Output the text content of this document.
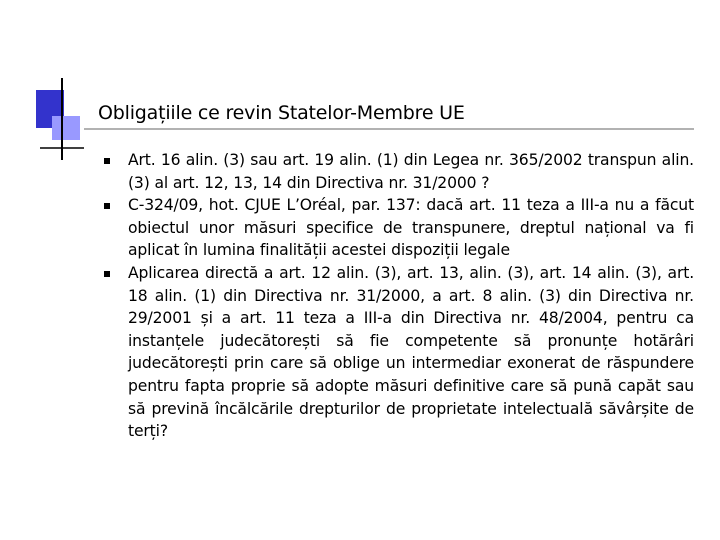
Obligațiile ce revin Statelor-Membre UE
Art. 16 alin. (3) sau art. 19 alin. (1) din Legea nr. 365/2002 transpun alin. (3) al art. 12, 13, 14 din Directiva nr. 31/2000 ?
C-324/09, hot. CJUE L’Oréal, par. 137: dacă art. 11 teza a III-a nu a făcut obiectul unor măsuri specifice de transpunere, dreptul național va fi aplicat în lumina finalității acestei dispoziții legale
Aplicarea directă a art. 12 alin. (3), art. 13, alin. (3), art. 14 alin. (3), art. 18 alin. (1) din Directiva nr. 31/2000, a art. 8 alin. (3) din Directiva nr. 29/2001 și a art. 11 teza a III-a din Directiva nr. 48/2004, pentru ca instanțele judecătorești să fie competente să pronunțe hotărâri judecătorești prin care să oblige un intermediar exonerat de răspundere pentru fapta proprie să adopte măsuri definitive care să pună capăt sau să prevină încălcările drepturilor de proprietate intelectuală săvârșite de terți?
